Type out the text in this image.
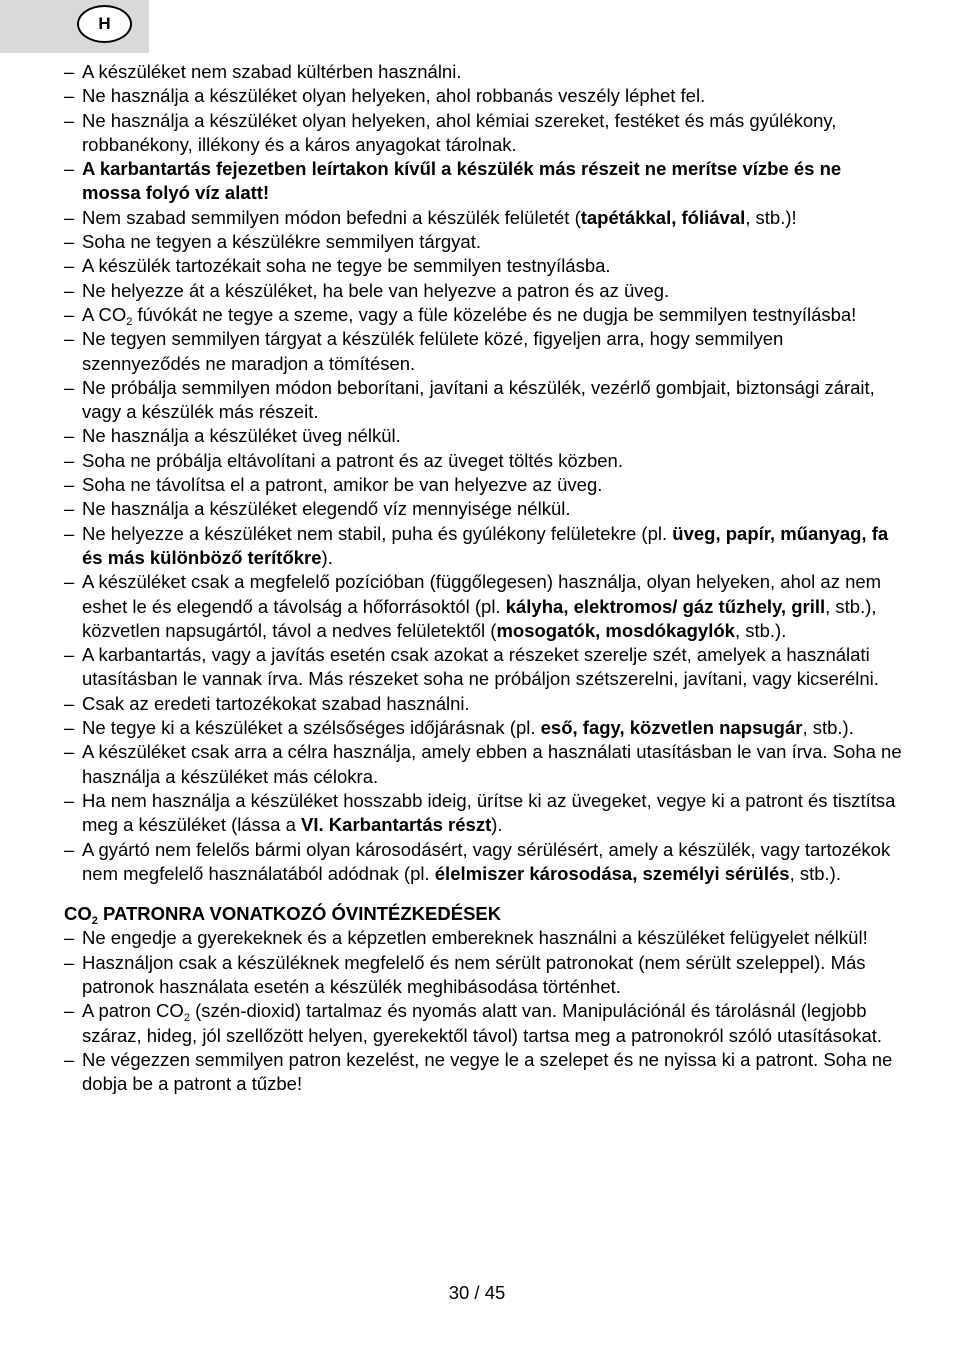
H
– A készüléket nem szabad kültérben használni.
– Ne használja a készüléket olyan helyeken, ahol robbanás veszély léphet fel.
– Ne használja a készüléket olyan helyeken, ahol kémiai szereket, festéket és más gyúlékony, robbanékony, illékony és a káros anyagokat tárolnak.
– A karbantartás fejezetben leírtakon kívűl a készülék más részeit ne merítse vízbe és ne mossa folyó víz alatt!
– Nem szabad semmilyen módon befedni a készülék felületét (tapétákkal, fóliával, stb.)!
– Soha ne tegyen a készülékre semmilyen tárgyat.
– A készülék tartozékait soha ne tegye be semmilyen testnyílásba.
– Ne helyezze át a készüléket, ha bele van helyezve a patron és az üveg.
– A $CO_2$ fúvókát ne tegye a szeme, vagy a füle közelébe és ne dugja be semmilyen testnyílásba!
– Ne tegyen semmilyen tárgyat a készülék felülete közé, figyeljen arra, hogy semmilyen szennyeződés ne maradjon a tömítésen.
– Ne próbálja semmilyen módon beborítani, javítani a készülék, vezérlő gombjait, biztonsági zárait, vagy a készülék más részeit.
– Ne használja a készüléket üveg nélkül.
– Soha ne próbálja eltávolítani a patront és az üveget töltés közben.
– Soha ne távolítsa el a patront, amikor be van helyezve az üveg.
– Ne használja a készüléket elegendő víz mennyisége nélkül.
– Ne helyezze a készüléket nem stabil, puha és gyúlékony felületekre (pl. üveg, papír, műanyag, fa és más különböző terítőkre).
– A készüléket csak a megfelelő pozícióban (függőlegesen) használja, olyan helyeken, ahol az nem eshet le és elegendő a távolság a hőforrásoktól (pl. kályha, elektromos/ gáz tűzhely, grill, stb.), közvetlen napsugártól, távol a nedves felületektől (mosogatók, mosdókagylók, stb.).
– A karbantartás, vagy a javítás esetén csak azokat a részeket szerelje szét, amelyek a használati utasításban le vannak írva. Más részeket soha ne próbáljon szétszerelni, javítani, vagy kicserélni.
– Csak az eredeti tartozékokat szabad használni.
– Ne tegye ki a készüléket a szélsőséges időjárásnak (pl. eső, fagy, közvetlen napsugár, stb.).
– A készüléket csak arra a célra használja, amely ebben a használati utasításban le van írva. Soha ne használja a készüléket más célokra.
– Ha nem használja a készüléket hosszabb ideig, ürítse ki az üvegeket, vegye ki a patront és tisztítsa meg a készüléket (lássa a VI. Karbantartás részt).
– A gyártó nem felelős bármi olyan károsodásért, vagy sérülésért, amely a készülék, vagy tartozékok nem megfelelő használatából adódnak (pl. élelmiszer károsodása, személyi sérülés, stb.).
$CO_2$ PATRONRA VONATKOZÓ ÓVINTÉZKEDÉSEK
– Ne engedje a gyerekeknek és a képzetlen embereknek használni a készüléket felügyelet nélkül!
– Használjon csak a készüléknek megfelelő és nem sérült patronokat (nem sérült szeleppel). Más patronok használata esetén a készülék meghibásodása történhet.
– A patron $CO_2$ (szén-dioxid) tartalmaz és nyomás alatt van. Manipulációnál és tárolásnál (legjobb száraz, hideg, jól szellőzött helyen, gyerekektől távol) tartsa meg a patronokról szóló utasításokat.
– Ne végezzen semmilyen patron kezelést, ne vegye le a szelepet és ne nyissa ki a patront. Soha ne dobja be a patront a tűzbe!
30 / 45
